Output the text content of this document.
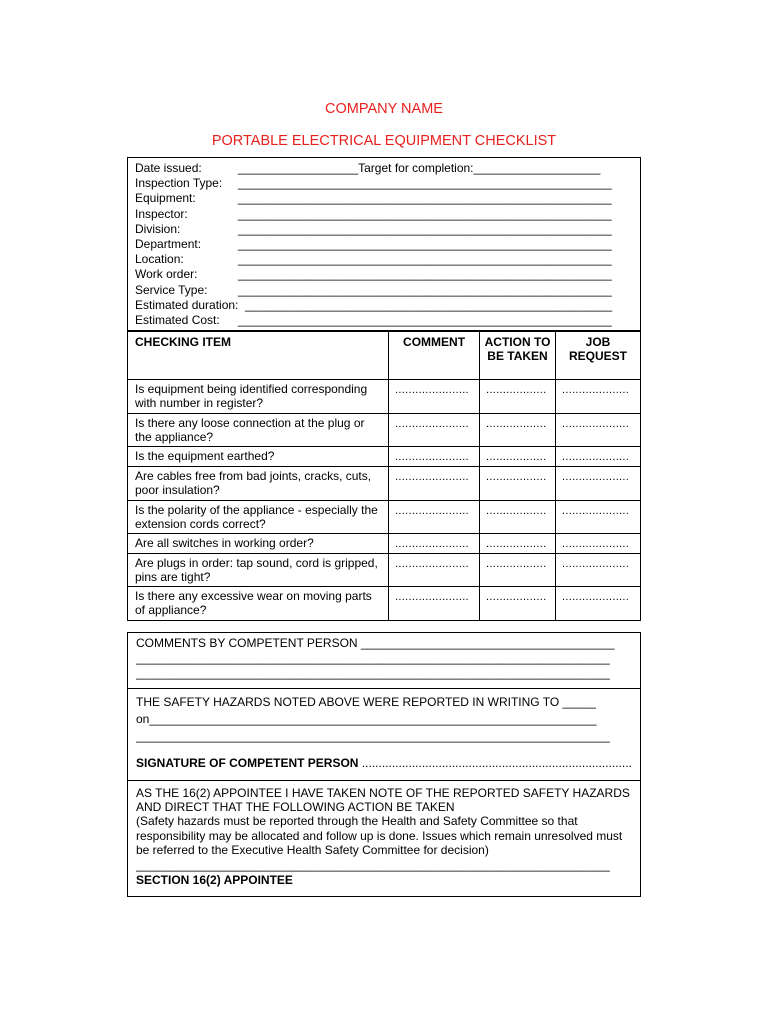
COMPANY NAME
PORTABLE ELECTRICAL EQUIPMENT CHECKLIST
Date issued:	__________________Target for completion:___________________
Inspection Type: ________________________________________________________
Equipment:	________________________________________________________
Inspector:	________________________________________________________
Division:	________________________________________________________
Department:	________________________________________________________
Location:	________________________________________________________
Work order:	________________________________________________________
Service Type:	________________________________________________________
Estimated duration: _______________________________________________________
Estimated Cost: ________________________________________________________
CHECKING ITEM	COMMENT	ACTION TO BE TAKEN	JOB REQUEST
Is equipment being identified corresponding with number in register?	......................	..................	....................
Is there any loose connection at the plug or the appliance?	......................	..................	....................
Is the equipment earthed?	......................	..................	....................
Are cables free from bad joints, cracks, cuts, poor insulation?	......................	..................	....................
Is the polarity of the appliance - especially the extension cords correct?	......................	..................	....................
Are all switches in working order?	......................	..................	....................
Are plugs in order: tap sound, cord is gripped, pins are tight?	......................	..................	....................
Is there any excessive wear on moving parts of appliance?	......................	..................	....................
COMMENTS BY COMPETENT PERSON ______________________________________
_______________________________________________________________________
_______________________________________________________________________
THE SAFETY HAZARDS NOTED ABOVE WERE REPORTED IN WRITING TO _____
on___________________________________________________________________
_______________________________________________________________________
SIGNATURE OF COMPETENT PERSON .................................................................................
AS THE 16(2) APPOINTEE I HAVE TAKEN NOTE OF THE REPORTED SAFETY HAZARDS AND DIRECT THAT THE FOLLOWING ACTION BE TAKEN
(Safety hazards must be reported through the Health and Safety Committee so that responsibility may be allocated and follow up is done. Issues which remain unresolved must be referred to the Executive Health Safety Committee for decision)
_______________________________________________________________________
SECTION 16(2) APPOINTEE
